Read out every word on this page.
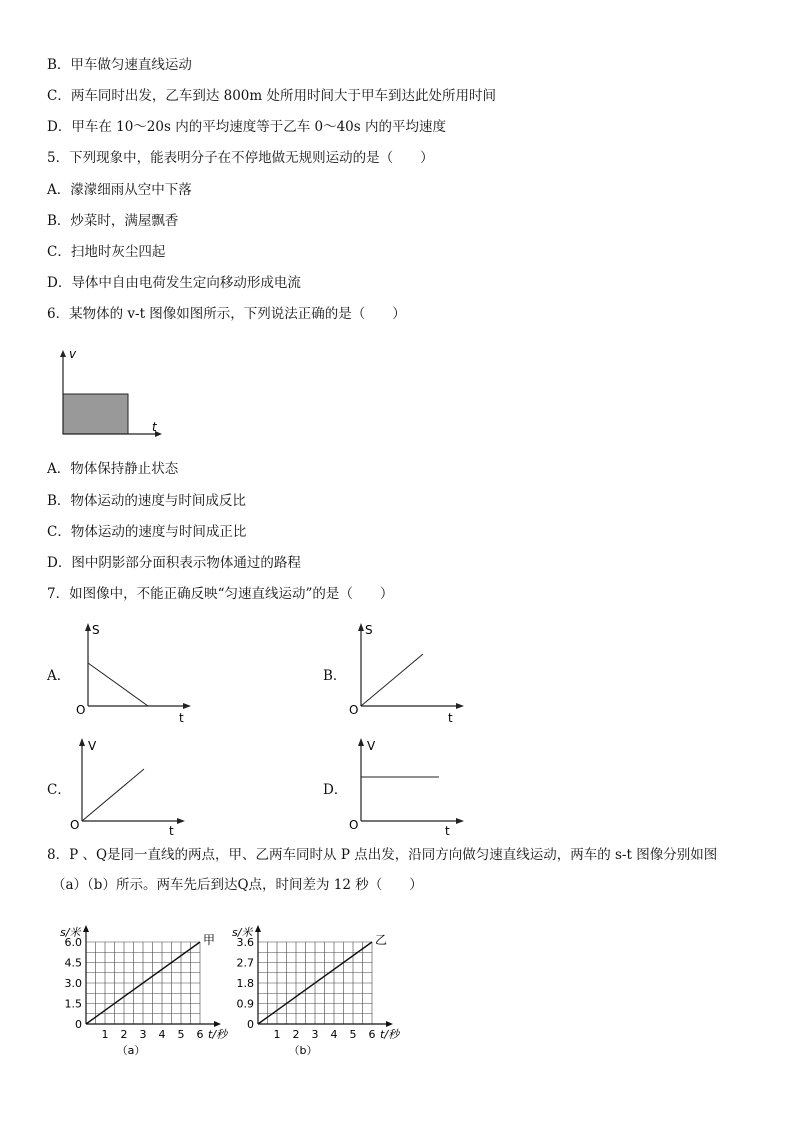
B．甲车做匀速直线运动
C．两车同时出发，乙车到达 800m 处所用时间大于甲车到达此处所用时间
D．甲车在 10～20s 内的平均速度等于乙车 0～40s 内的平均速度
5．下列现象中，能表明分子在不停地做无规则运动的是（　　）
A．濛濛细雨从空中下落
B．炒菜时，满屋飘香
C．扫地时灰尘四起
D．导体中自由电荷发生定向移动形成电流
6．某物体的 v-t 图像如图所示，下列说法正确的是（　　）
v
t
A．物体保持静止状态
B．物体运动的速度与时间成反比
C．物体运动的速度与时间成正比
D．图中阴影部分面积表示物体通过的路程
7．如图像中，不能正确反映“匀速直线运动”的是（　　）
A．
S
O
t
B．
S
O
t
C．
V
O	t
D．
V
O	t
8．P 、Q是同一直线的两点，甲、乙两车同时从 P 点出发，沿同方向做匀速直线运动，两车的 s-t 图像分别如图
（a）（b）所示。两车先后到达Q点，时间差为 12 秒（　　）
0
1.5
3.0
4.5
6.0
1 2 3 4 5 6
s/米
t/秒
甲
（a）
0
0.9
1.8
2.7
3.6
1 2 3 4 5 6
s/米
t/秒
乙
（b）
